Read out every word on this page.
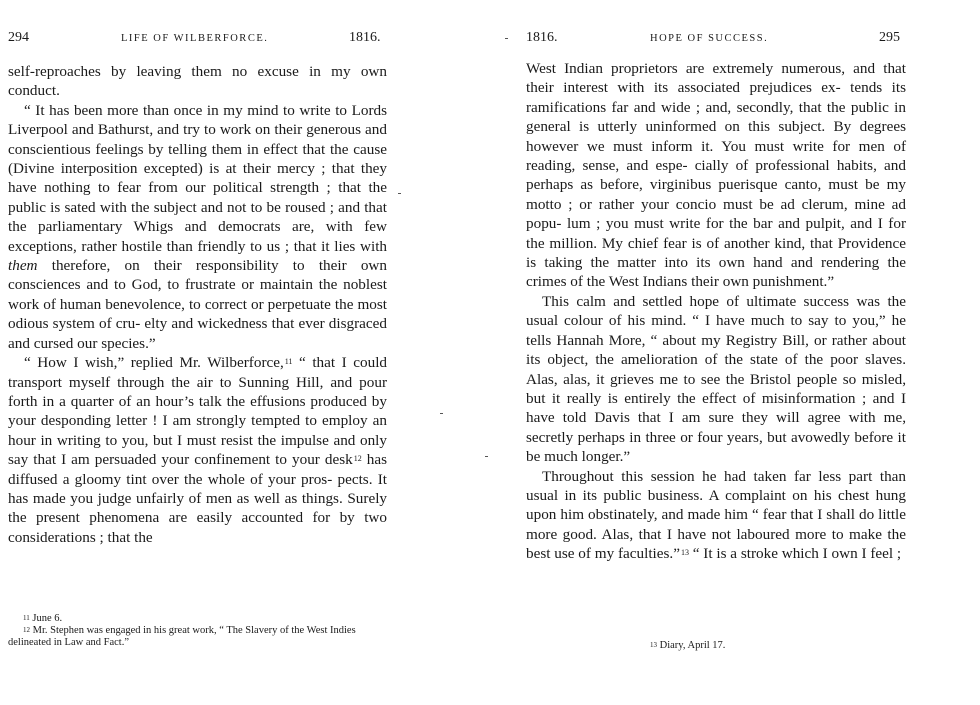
294	LIFE OF WILBERFORCE.	1816.

self-reproaches by leaving them no excuse in my own conduct.

“ It has been more than once in my mind to write to Lords Liverpool and Bathurst, and try to work on their generous and conscientious feelings by telling them in effect that the cause (Divine interposition excepted) is at their mercy ; that they have nothing to fear from our political strength ; that the public is sated with the subject and not to be roused ; and that the parliamentary Whigs and democrats are, with few exceptions, rather hostile than friendly to us ; that it lies with them therefore, on their responsibility to their own consciences and to God, to frustrate or maintain the noblest work of human benevolence, to correct or perpetuate the most odious system of cru- elty and wickedness that ever disgraced and cursed our species.”

“ How I wish,” replied Mr. Wilberforce,$^{11}$ “ that I could transport myself through the air to Sunning Hill, and pour forth in a quarter of an hour’s talk the effusions produced by your desponding letter ! I am strongly tempted to employ an hour in writing to you, but I must resist the impulse and only say that I am persuaded your confinement to your desk$^{12}$ has diffused a gloomy tint over the whole of your pros- pects. It has made you judge unfairly of men as well as things. Surely the present phenomena are easily accounted for by two considerations ; that the

$^{11}$ June 6.

$^{12}$ Mr. Stephen was engaged in his great work, “ The Slavery of the West Indies delineated in Law and Fact.”

1816.	HOPE OF SUCCESS.	295

West Indian proprietors are extremely numerous, and that their interest with its associated prejudices ex- tends its ramifications far and wide ; and, secondly, that the public in general is utterly uninformed on this subject. By degrees however we must inform it. You must write for men of reading, sense, and espe- cially of professional habits, and perhaps as before, virginibus puerisque canto, must be my motto ; or rather your concio must be ad clerum, mine ad popu- lum ; you must write for the bar and pulpit, and I for the million. My chief fear is of another kind, that Providence is taking the matter into its own hand and rendering the crimes of the West Indians their own punishment.”

This calm and settled hope of ultimate success was the usual colour of his mind. “ I have much to say to you,” he tells Hannah More, “ about my Registry Bill, or rather about its object, the amelioration of the state of the poor slaves. Alas, alas, it grieves me to see the Bristol people so misled, but it really is entirely the effect of misinformation ; and I have told Davis that I am sure they will agree with me, secretly perhaps in three or four years, but avowedly before it be much longer.”

Throughout this session he had taken far less part than usual in its public business. A complaint on his chest hung upon him obstinately, and made him “ fear that I shall do little more good. Alas, that I have not laboured more to make the best use of my faculties.”$^{13}$ “ It is a stroke which I own I feel ;

$^{13}$ Diary, April 17.
